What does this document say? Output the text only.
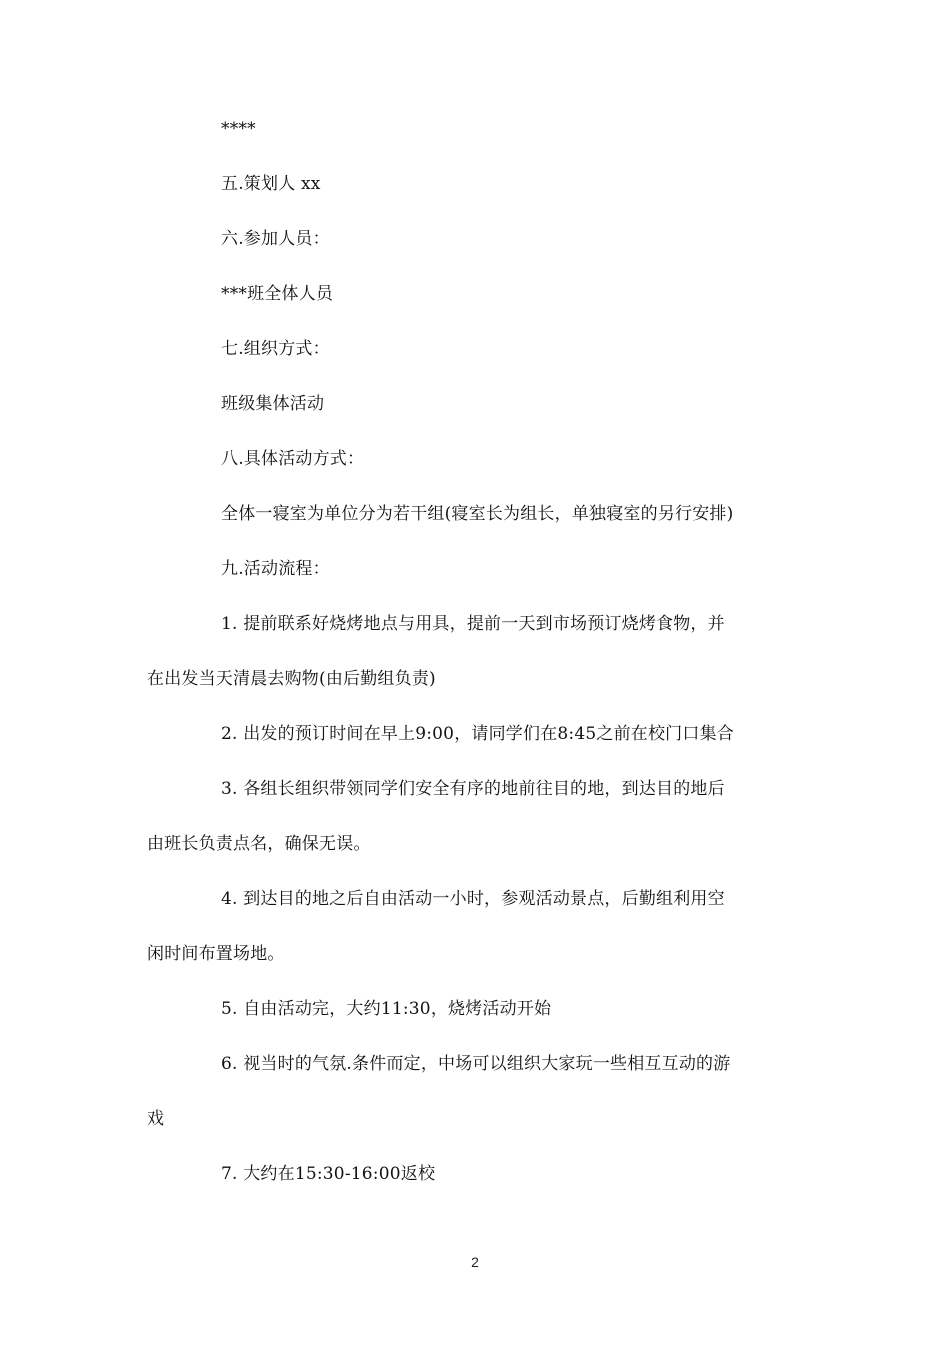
****
五.策划人 xx
六.参加人员：
***班全体人员
七.组织方式：
班级集体活动
八.具体活动方式：
全体一寝室为单位分为若干组(寝室长为组长，单独寝室的另行安排)
九.活动流程：
1. 提前联系好烧烤地点与用具，提前一天到市场预订烧烤食物，并
在出发当天清晨去购物(由后勤组负责)
2. 出发的预订时间在早上9:00，请同学们在8:45之前在校门口集合
3. 各组长组织带领同学们安全有序的地前往目的地，到达目的地后
由班长负责点名，确保无误。
4. 到达目的地之后自由活动一小时，参观活动景点，后勤组利用空
闲时间布置场地。
5. 自由活动完，大约11:30，烧烤活动开始
6. 视当时的气氛.条件而定，中场可以组织大家玩一些相互互动的游
戏
7. 大约在15:30-16:00返校
2
